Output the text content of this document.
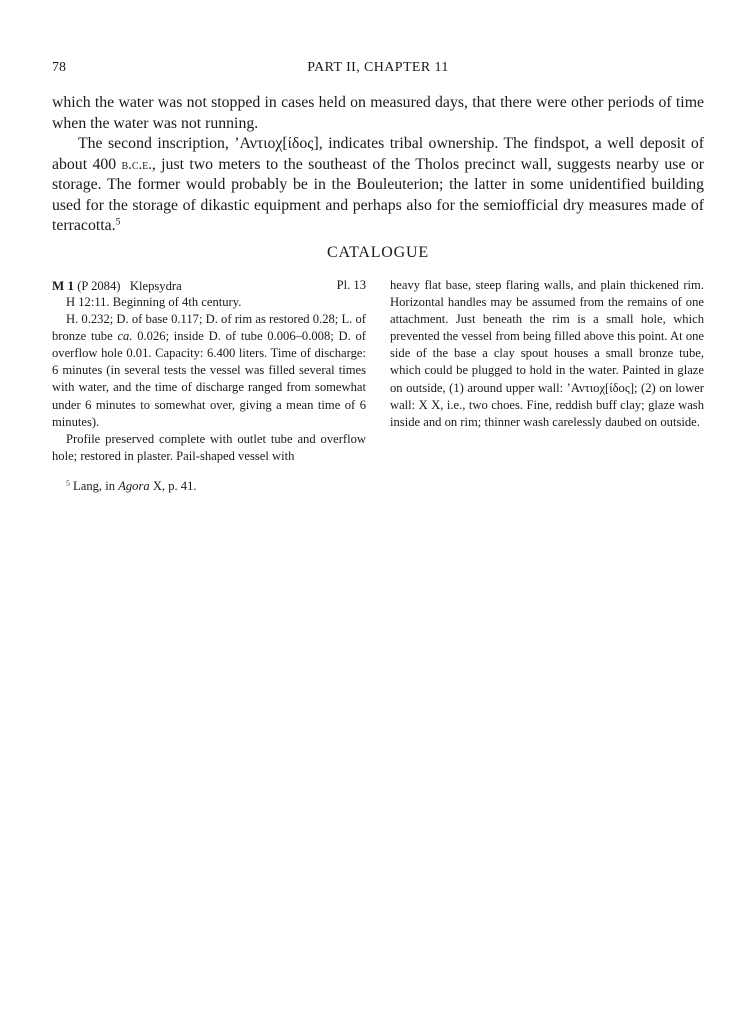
78	PART II, CHAPTER 11

which the water was not stopped in cases held on measured days, that there were other periods of time when the water was not running.

The second inscription, ’Αντιοχ[ίδος], indicates tribal ownership. The findspot, a well deposit of about 400 b.c.e., just two meters to the southeast of the Tholos precinct wall, suggests nearby use or storage. The former would probably be in the Bouleuterion; the latter in some unidentified building used for the storage of dikastic equipment and perhaps also for the semiofficial dry measures made of terracotta.$^5$

CATALOGUE
M 1 (P 2084) Klepsydra	Pl. 13

H 12:11. Beginning of 4th century.

H. 0.232; D. of base 0.117; D. of rim as restored 0.28; L. of bronze tube ca. 0.026; inside D. of tube 0.006–0.008; D. of overflow hole 0.01. Capacity: 6.400 liters. Time of discharge: 6 minutes (in several tests the vessel was filled several times with water, and the time of discharge ranged from somewhat under 6 minutes to somewhat over, giving a mean time of 6 minutes).

Profile preserved complete with outlet tube and overflow hole; restored in plaster. Pail-shaped vessel with

heavy flat base, steep flaring walls, and plain thickened rim. Horizontal handles may be assumed from the remains of one attachment. Just beneath the rim is a small hole, which prevented the vessel from being filled above this point. At one side of the base a clay spout houses a small bronze tube, which could be plugged to hold in the water. Painted in glaze on outside, (1) around upper wall: ’Αντιοχ[ίδος]; (2) on lower wall: X X, i.e., two choes. Fine, reddish buff clay; glaze wash inside and on rim; thinner wash carelessly daubed on outside.

$^5$ Lang, in Agora X, p. 41.
